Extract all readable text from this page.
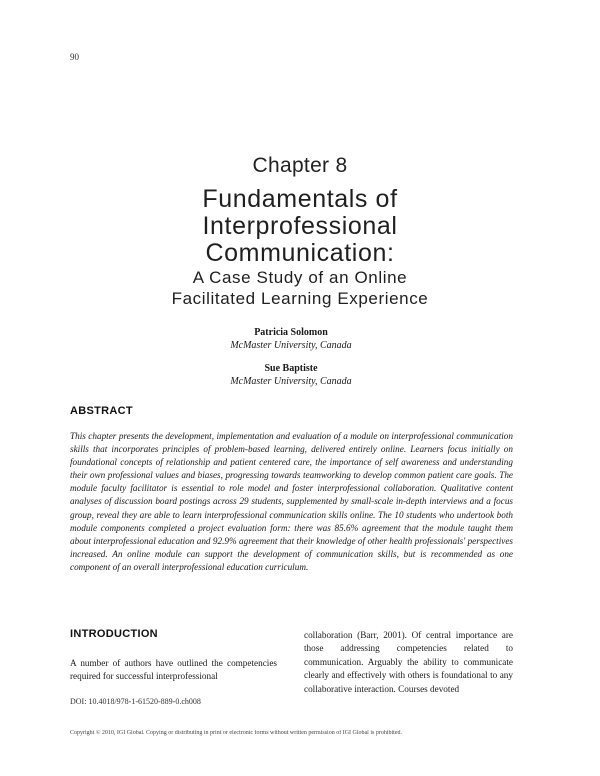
90
Chapter 8
Fundamentals of
Interprofessional
Communication:
A Case Study of an Online
Facilitated Learning Experience
Patricia Solomon
McMaster University, Canada
Sue Baptiste
McMaster University, Canada
ABSTRACT
This chapter presents the development, implementation and evaluation of a module on interprofessional communication skills that incorporates principles of problem-based learning, delivered entirely online. Learners focus initially on foundational concepts of relationship and patient centered care, the importance of self awareness and understanding their own professional values and biases, progressing towards teamworking to develop common patient care goals. The module faculty facilitator is essential to role model and foster interprofessional collaboration. Qualitative content analyses of discussion board postings across 29 students, supplemented by small-scale in-depth interviews and a focus group, reveal they are able to learn interprofessional communication skills online. The 10 students who undertook both module components completed a project evaluation form: there was 85.6% agreement that the module taught them about interprofessional education and 92.9% agreement that their knowledge of other health professionals' perspectives increased. An online module can support the development of communication skills, but is recommended as one component of an overall interprofessional education curriculum.
INTRODUCTION
A number of authors have outlined the competencies required for successful interprofessional
collaboration (Barr, 2001). Of central importance are those addressing competencies related to communication. Arguably the ability to communicate clearly and effectively with others is foundational to any collaborative interaction. Courses devoted
DOI: 10.4018/978-1-61520-889-0.ch008
Copyright © 2010, IGI Global. Copying or distributing in print or electronic forms without written permission of IGI Global is prohibited.
